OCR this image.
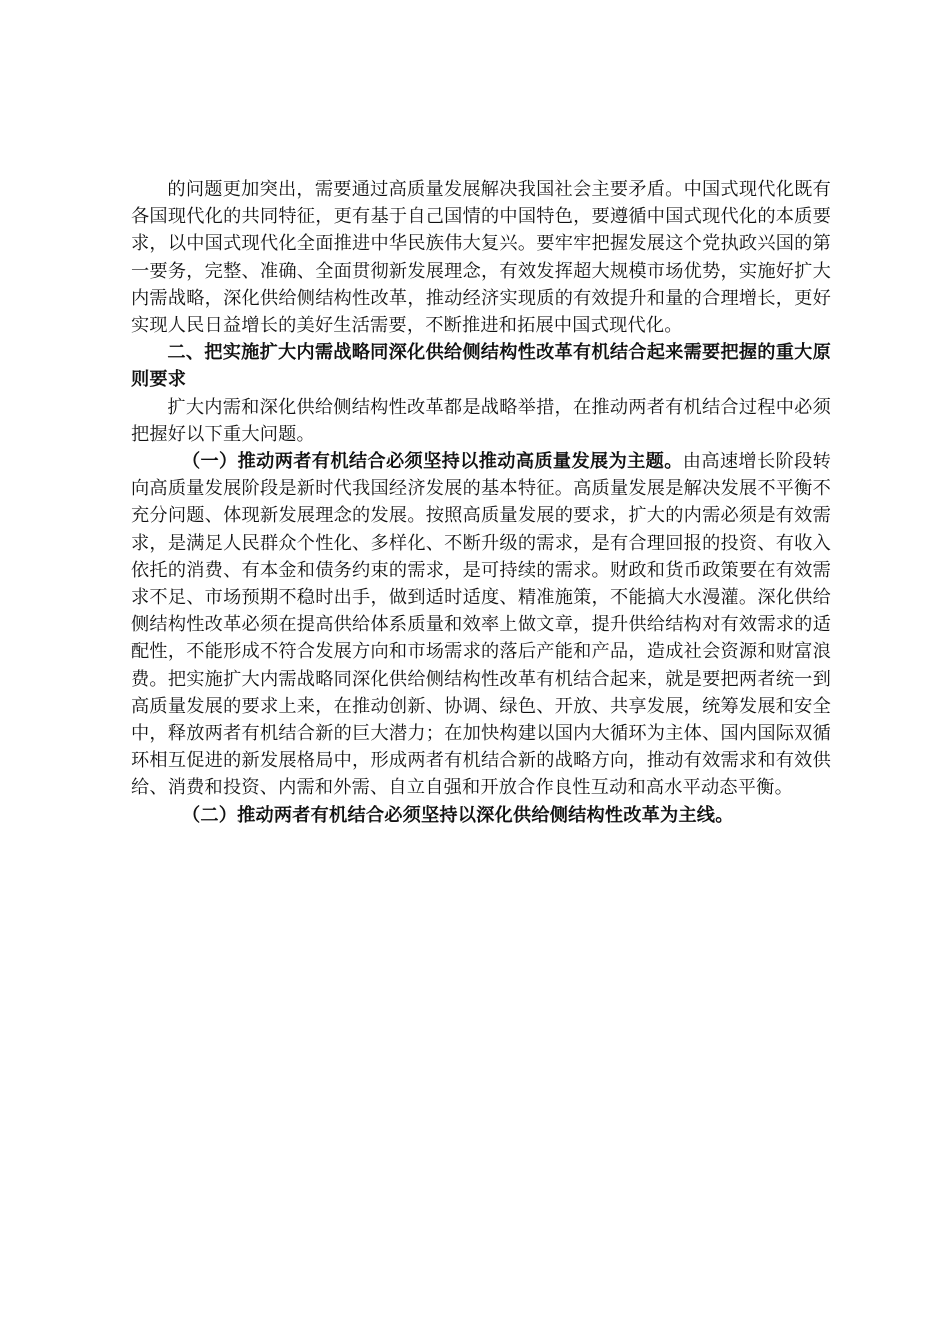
的问题更加突出，需要通过高质量发展解决我国社会主要矛盾。中国式现代化既有各国现代化的共同特征，更有基于自己国情的中国特色，要遵循中国式现代化的本质要求，以中国式现代化全面推进中华民族伟大复兴。要牢牢把握发展这个党执政兴国的第一要务，完整、准确、全面贯彻新发展理念，有效发挥超大规模市场优势，实施好扩大内需战略，深化供给侧结构性改革，推动经济实现质的有效提升和量的合理增长，更好实现人民日益增长的美好生活需要，不断推进和拓展中国式现代化。

二、把实施扩大内需战略同深化供给侧结构性改革有机结合起来需要把握的重大原则要求

扩大内需和深化供给侧结构性改革都是战略举措，在推动两者有机结合过程中必须把握好以下重大问题。

（一）推动两者有机结合必须坚持以推动高质量发展为主题。由高速增长阶段转向高质量发展阶段是新时代我国经济发展的基本特征。高质量发展是解决发展不平衡不充分问题、体现新发展理念的发展。按照高质量发展的要求，扩大的内需必须是有效需求，是满足人民群众个性化、多样化、不断升级的需求，是有合理回报的投资、有收入依托的消费、有本金和债务约束的需求，是可持续的需求。财政和货币政策要在有效需求不足、市场预期不稳时出手，做到适时适度、精准施策，不能搞大水漫灌。深化供给侧结构性改革必须在提高供给体系质量和效率上做文章，提升供给结构对有效需求的适配性，不能形成不符合发展方向和市场需求的落后产能和产品，造成社会资源和财富浪费。把实施扩大内需战略同深化供给侧结构性改革有机结合起来，就是要把两者统一到高质量发展的要求上来，在推动创新、协调、绿色、开放、共享发展，统筹发展和安全中，释放两者有机结合新的巨大潜力；在加快构建以国内大循环为主体、国内国际双循环相互促进的新发展格局中，形成两者有机结合新的战略方向，推动有效需求和有效供给、消费和投资、内需和外需、自立自强和开放合作良性互动和高水平动态平衡。

（二）推动两者有机结合必须坚持以深化供给侧结构性改革为主线。
